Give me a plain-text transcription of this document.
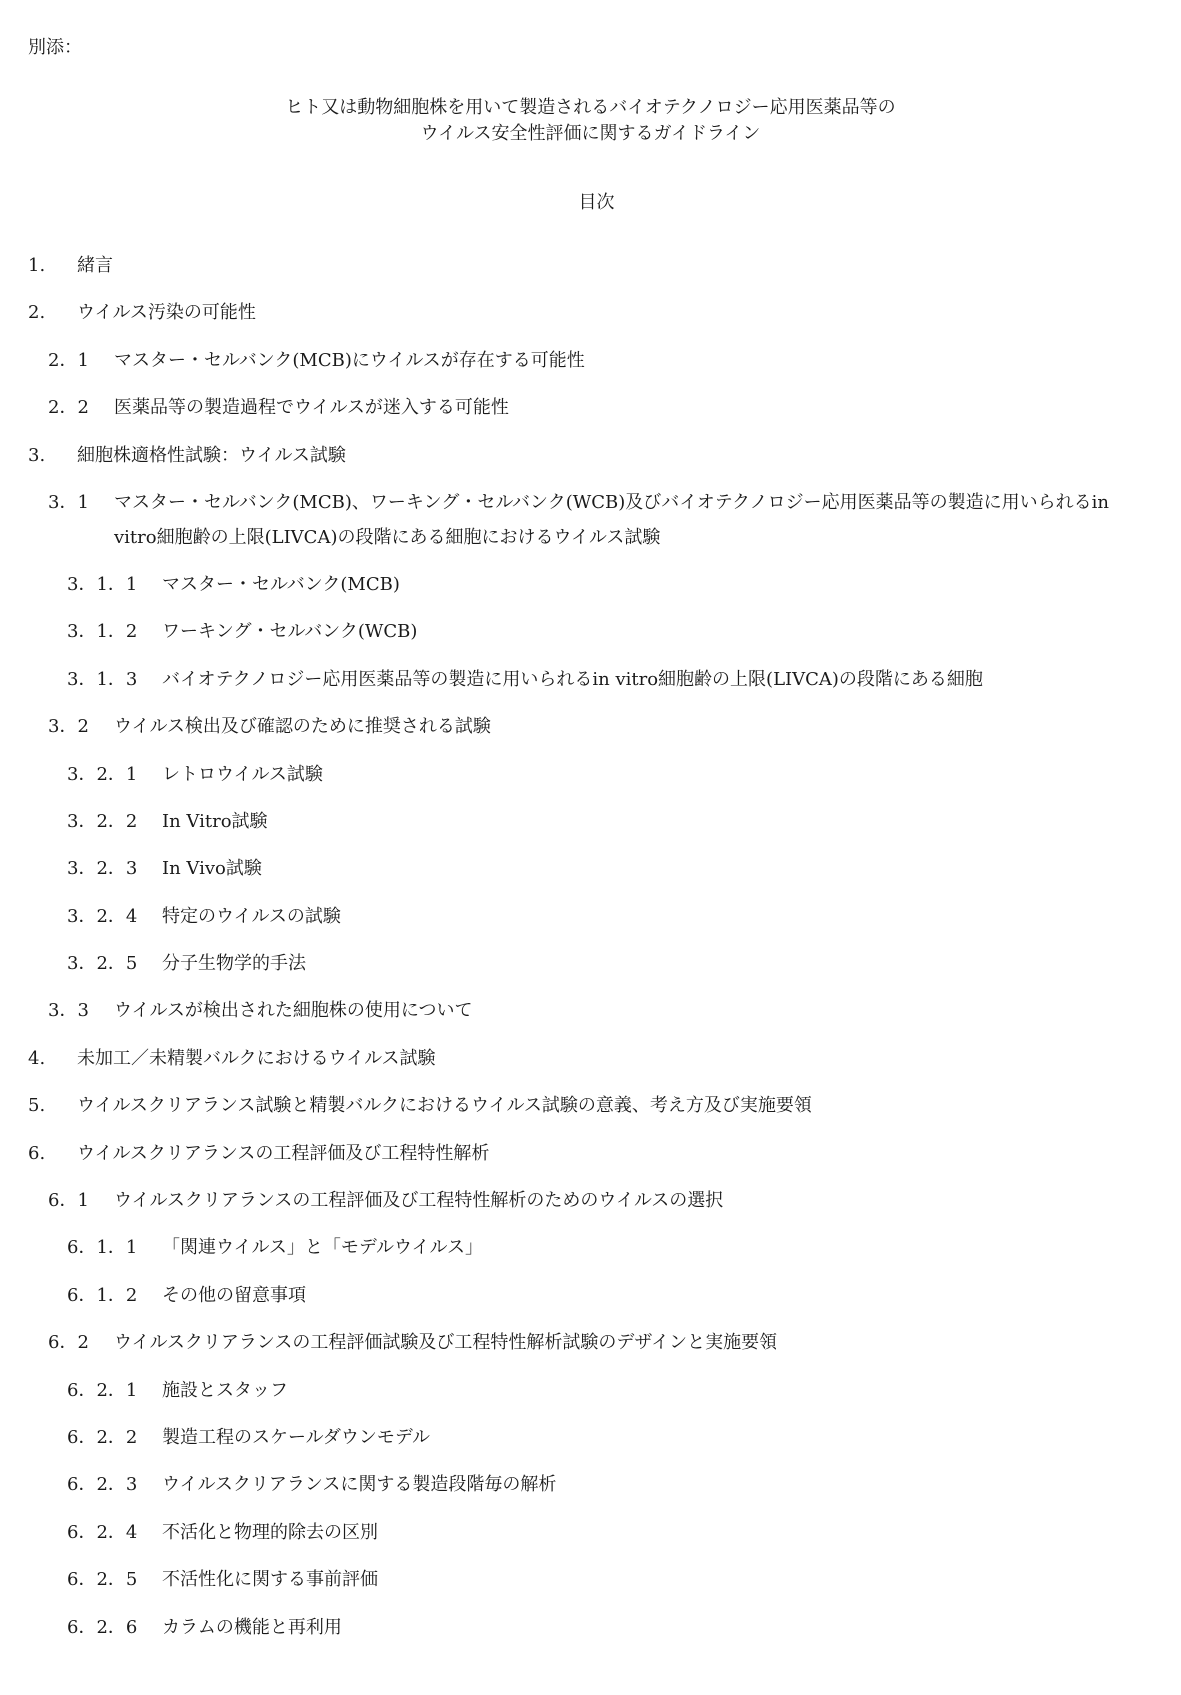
別添：
ヒト又は動物細胞株を用いて製造されるバイオテクノロジー応用医薬品等の
ウイルス安全性評価に関するガイドライン
目次
1. 緒言
2. ウイルス汚染の可能性
2．1 マスター・セルバンク(MCB)にウイルスが存在する可能性
2．2 医薬品等の製造過程でウイルスが迷入する可能性
3. 細胞株適格性試験：ウイルス試験
3．1 マスター・セルバンク(MCB)、ワーキング・セルバンク(WCB)及びバイオテクノロジー応用医薬品等の製造に用いられるin
vitro細胞齢の上限(LIVCA)の段階にある細胞におけるウイルス試験
3．1．1 マスター・セルバンク(MCB)
3．1．2 ワーキング・セルバンク(WCB)
3．1．3 バイオテクノロジー応用医薬品等の製造に用いられるin vitro細胞齢の上限(LIVCA)の段階にある細胞
3．2 ウイルス検出及び確認のために推奨される試験
3．2．1 レトロウイルス試験
3．2．2 In Vitro試験
3．2．3 In Vivo試験
3．2．4 特定のウイルスの試験
3．2．5 分子生物学的手法
3．3 ウイルスが検出された細胞株の使用について
4. 未加工／未精製バルクにおけるウイルス試験
5. ウイルスクリアランス試験と精製バルクにおけるウイルス試験の意義、考え方及び実施要領
6. ウイルスクリアランスの工程評価及び工程特性解析
6．1 ウイルスクリアランスの工程評価及び工程特性解析のためのウイルスの選択
6．1．1 「関連ウイルス」と「モデルウイルス」
6．1．2 その他の留意事項
6．2 ウイルスクリアランスの工程評価試験及び工程特性解析試験のデザインと実施要領
6．2．1 施設とスタッフ
6．2．2 製造工程のスケールダウンモデル
6．2．3 ウイルスクリアランスに関する製造段階毎の解析
6．2．4 不活化と物理的除去の区別
6．2．5 不活性化に関する事前評価
6．2．6 カラムの機能と再利用
